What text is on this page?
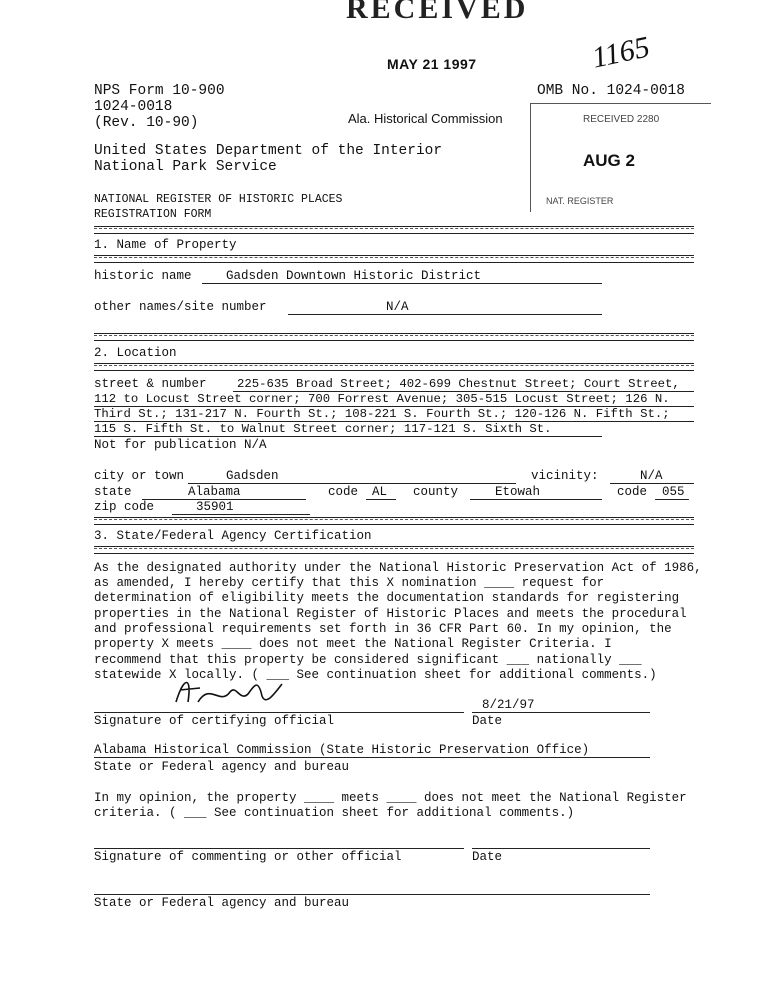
RECEIVED
MAY 21 1997	1165
NPS Form 10-900
1024-0018
(Rev. 10-90)
OMB No. 1024-0018
Ala. Historical Commission	RECEIVED 2280
AUG 2
NAT. REGISTER
United States Department of the Interior
National Park Service
NATIONAL REGISTER OF HISTORIC PLACES
REGISTRATION FORM
1. Name of Property
historic name	Gadsden Downtown Historic District
other names/site number	N/A
2. Location
street & number 225-635 Broad Street; 402-699 Chestnut Street; Court Street,
112 to Locust Street corner; 700 Forrest Avenue; 305-515 Locust Street; 126 N.
Third St.; 131-217 N. Fourth St.; 108-221 S. Fourth St.; 120-126 N. Fifth St.;
115 S. Fifth St. to Walnut Street corner; 117-121 S. Sixth St.
Not for publication N/A
city or town	Gadsden	vicinity:	N/A
state	Alabama	code AL county	Etowah	code 055
zip code	35901
3. State/Federal Agency Certification
As the designated authority under the National Historic Preservation Act of 1986,
as amended, I hereby certify that this X nomination ____ request for
determination of eligibility meets the documentation standards for registering
properties in the National Register of Historic Places and meets the procedural
and professional requirements set forth in 36 CFR Part 60. In my opinion, the
property X meets ____ does not meet the National Register Criteria. I
recommend that this property be considered significant ___ nationally ___
statewide X locally. ( ___ See continuation sheet for additional comments.)
8/21/97
Signature of certifying official	Date
Alabama Historical Commission (State Historic Preservation Office)
State or Federal agency and bureau
In my opinion, the property ____ meets ____ does not meet the National Register
criteria. ( ___ See continuation sheet for additional comments.)
Signature of commenting or other official	Date
State or Federal agency and bureau
